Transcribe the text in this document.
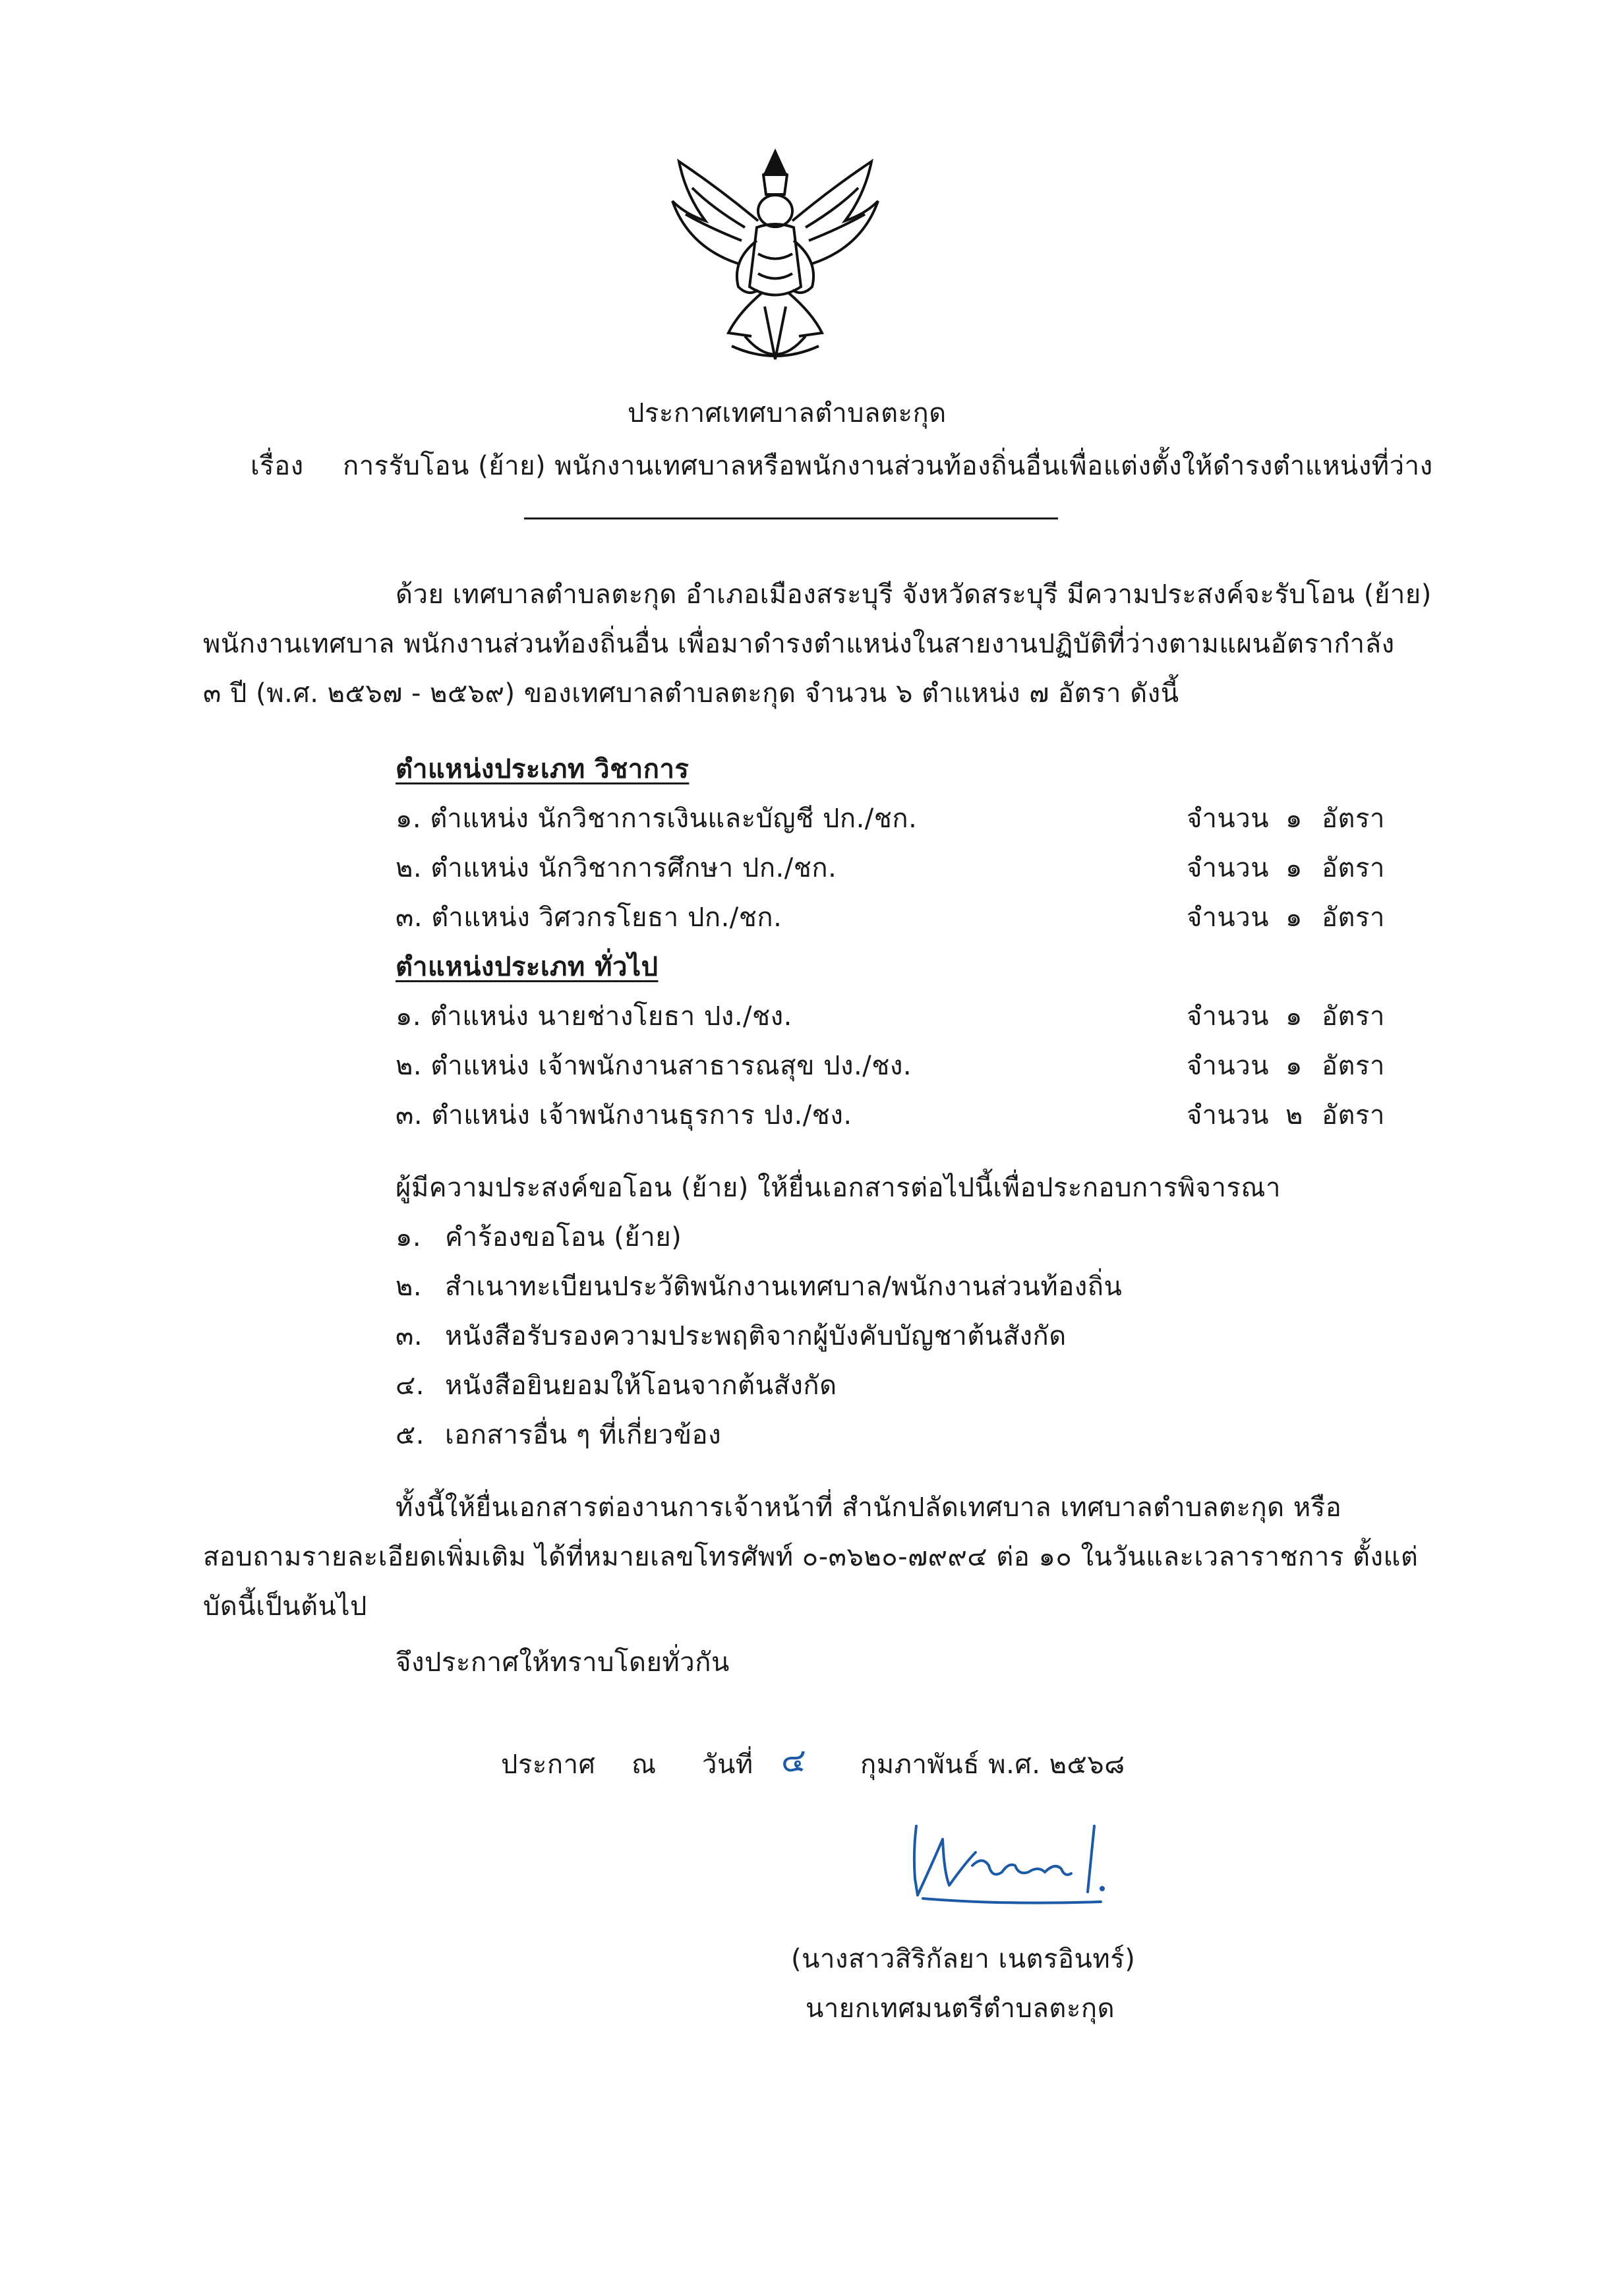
ประกาศเทศบาลตำบลตะกุด
เรื่อง การรับโอน (ย้าย) พนักงานเทศบาลหรือพนักงานส่วนท้องถิ่นอื่นเพื่อแต่งตั้งให้ดำรงตำแหน่งที่ว่าง
ด้วย เทศบาลตำบลตะกุด อำเภอเมืองสระบุรี จังหวัดสระบุรี มีความประสงค์จะรับโอน (ย้าย)
พนักงานเทศบาล พนักงานส่วนท้องถิ่นอื่น เพื่อมาดำรงตำแหน่งในสายงานปฏิบัติที่ว่างตามแผนอัตรากำลัง
๓ ปี (พ.ศ. ๒๕๖๗ - ๒๕๖๙) ของเทศบาลตำบลตะกุด จำนวน ๖ ตำแหน่ง ๗ อัตรา ดังนี้
ตำแหน่งประเภท วิชาการ
๑. ตำแหน่ง นักวิชาการเงินและบัญชี ปก./ชก.	จำนวน ๑ อัตรา
๒. ตำแหน่ง นักวิชาการศึกษา ปก./ชก.	จำนวน ๑ อัตรา
๓. ตำแหน่ง วิศวกรโยธา ปก./ชก.	จำนวน ๑ อัตรา
ตำแหน่งประเภท ทั่วไป
๑. ตำแหน่ง นายช่างโยธา ปง./ชง.	จำนวน ๑ อัตรา
๒. ตำแหน่ง เจ้าพนักงานสาธารณสุข ปง./ชง.	จำนวน ๑ อัตรา
๓. ตำแหน่ง เจ้าพนักงานธุรการ ปง./ชง.	จำนวน ๒ อัตรา
ผู้มีความประสงค์ขอโอน (ย้าย) ให้ยื่นเอกสารต่อไปนี้เพื่อประกอบการพิจารณา
๑. คำร้องขอโอน (ย้าย)
๒. สำเนาทะเบียนประวัติพนักงานเทศบาล/พนักงานส่วนท้องถิ่น
๓. หนังสือรับรองความประพฤติจากผู้บังคับบัญชาต้นสังกัด
๔. หนังสือยินยอมให้โอนจากต้นสังกัด
๕. เอกสารอื่น ๆ ที่เกี่ยวข้อง
ทั้งนี้ให้ยื่นเอกสารต่องานการเจ้าหน้าที่ สำนักปลัดเทศบาล เทศบาลตำบลตะกุด หรือ
สอบถามรายละเอียดเพิ่มเติม ได้ที่หมายเลขโทรศัพท์ ๐-๓๖๒๐-๗๙๙๔ ต่อ ๑๐ ในวันและเวลาราชการ ตั้งแต่
บัดนี้เป็นต้นไป
จึงประกาศให้ทราบโดยทั่วกัน
ประกาศ ณ วันที่ ๔ กุมภาพันธ์ พ.ศ. ๒๕๖๘
(นางสาวสิริกัลยา เนตรอินทร์)
นายกเทศมนตรีตำบลตะกุด
